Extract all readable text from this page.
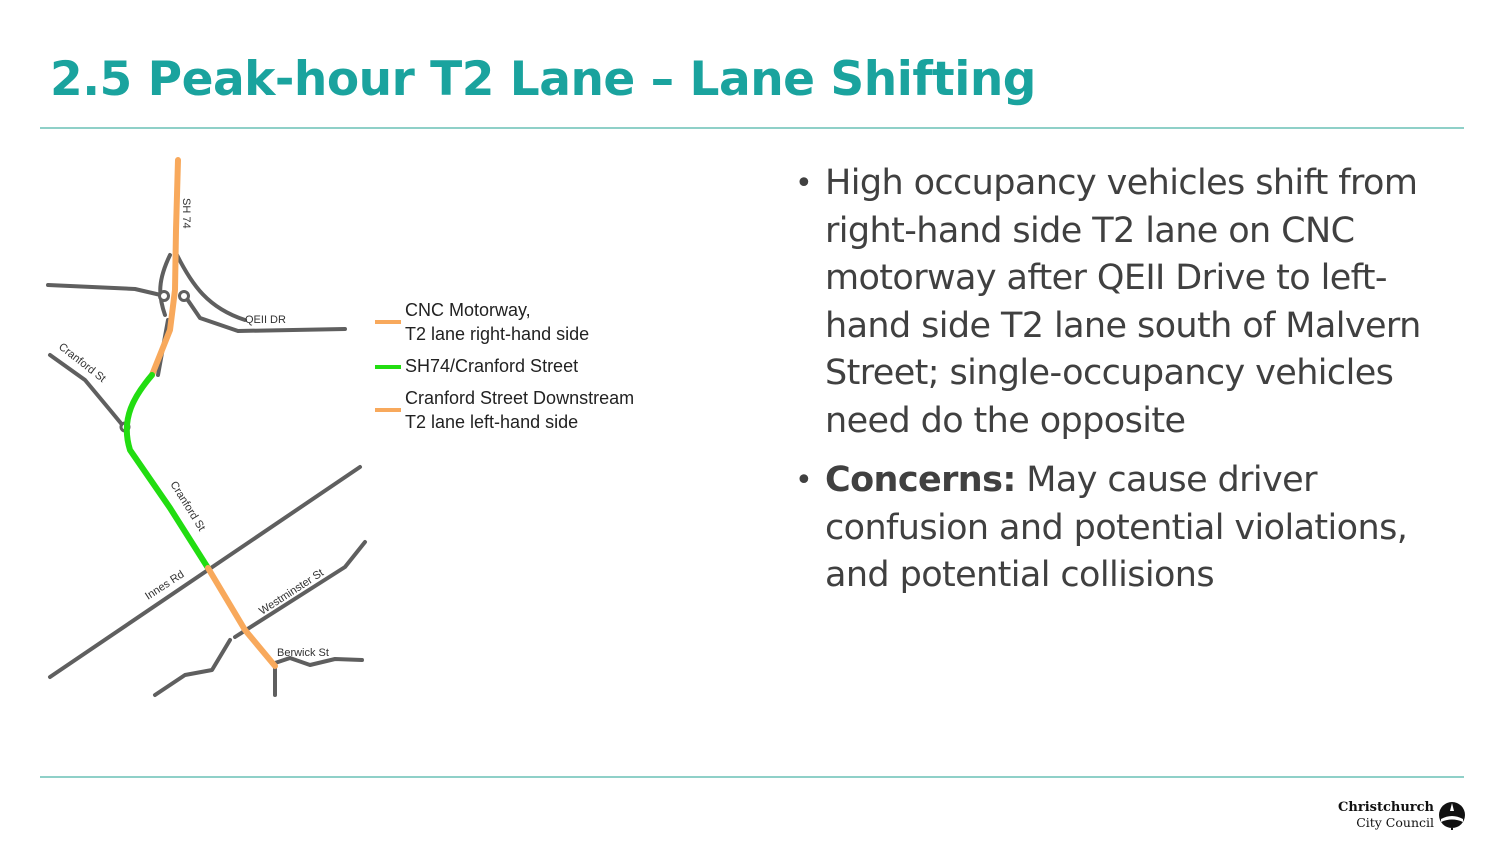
2.5 Peak-hour T2 Lane – Lane Shifting
SH 74
QEII DR
Cranford St
Cranford St
Innes Rd	Westminster St
Berwick St
CNC Motorway,
T2 lane right-hand side
SH74/Cranford Street
Cranford Street Downstream
T2 lane left-hand side
• High occupancy vehicles shift from right-hand side T2 lane on CNC motorway after QEII Drive to left-hand side T2 lane south of Malvern Street; single-occupancy vehicles need do the opposite
• Concerns: May cause driver confusion and potential violations, and potential collisions
Christchurch
City Council
